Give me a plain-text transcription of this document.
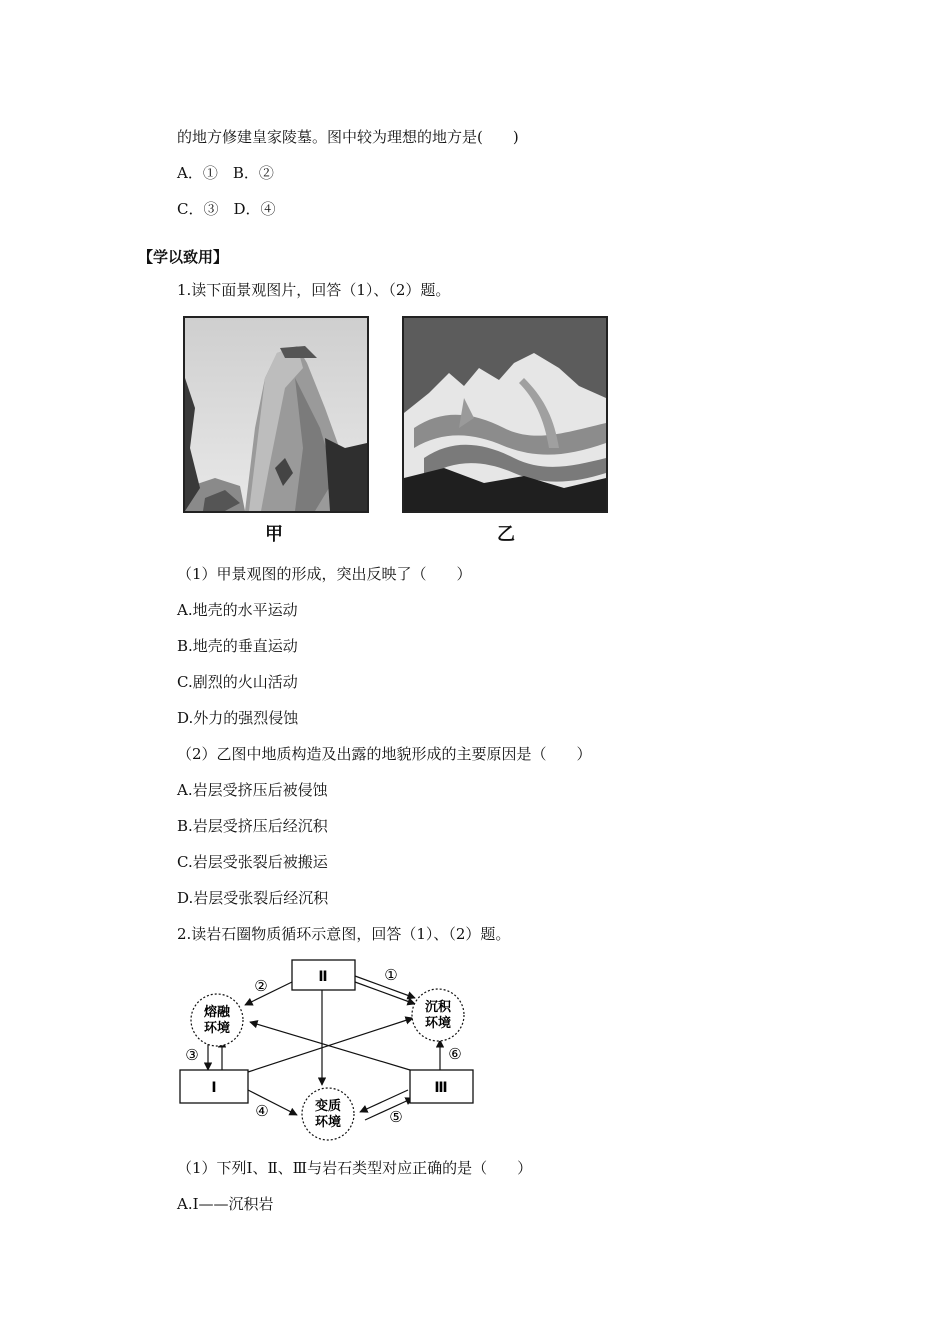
的地方修建皇家陵墓。图中较为理想的地方是(　　)
A．①　B．②
C．③　D．④
【学以致用】
1.读下面景观图片，回答（1）、（2）题。
甲	乙
（1）甲景观图的形成，突出反映了（　　）
A.地壳的水平运动
B.地壳的垂直运动
C.剧烈的火山活动
D.外力的强烈侵蚀
（2）乙图中地质构造及出露的地貌形成的主要原因是（　　）
A.岩层受挤压后被侵蚀
B.岩层受挤压后经沉积
C.岩层受张裂后被搬运
D.岩层受张裂后经沉积
2.读岩石圈物质循环示意图，回答（1）、（2）题。
Ⅱ
Ⅰ	Ⅲ
熔融
环境
沉积
环境
变质
环境
①
②
③
④	⑤
⑥
（1）下列Ⅰ、Ⅱ、Ⅲ与岩石类型对应正确的是（　　）
A.Ⅰ——沉积岩
